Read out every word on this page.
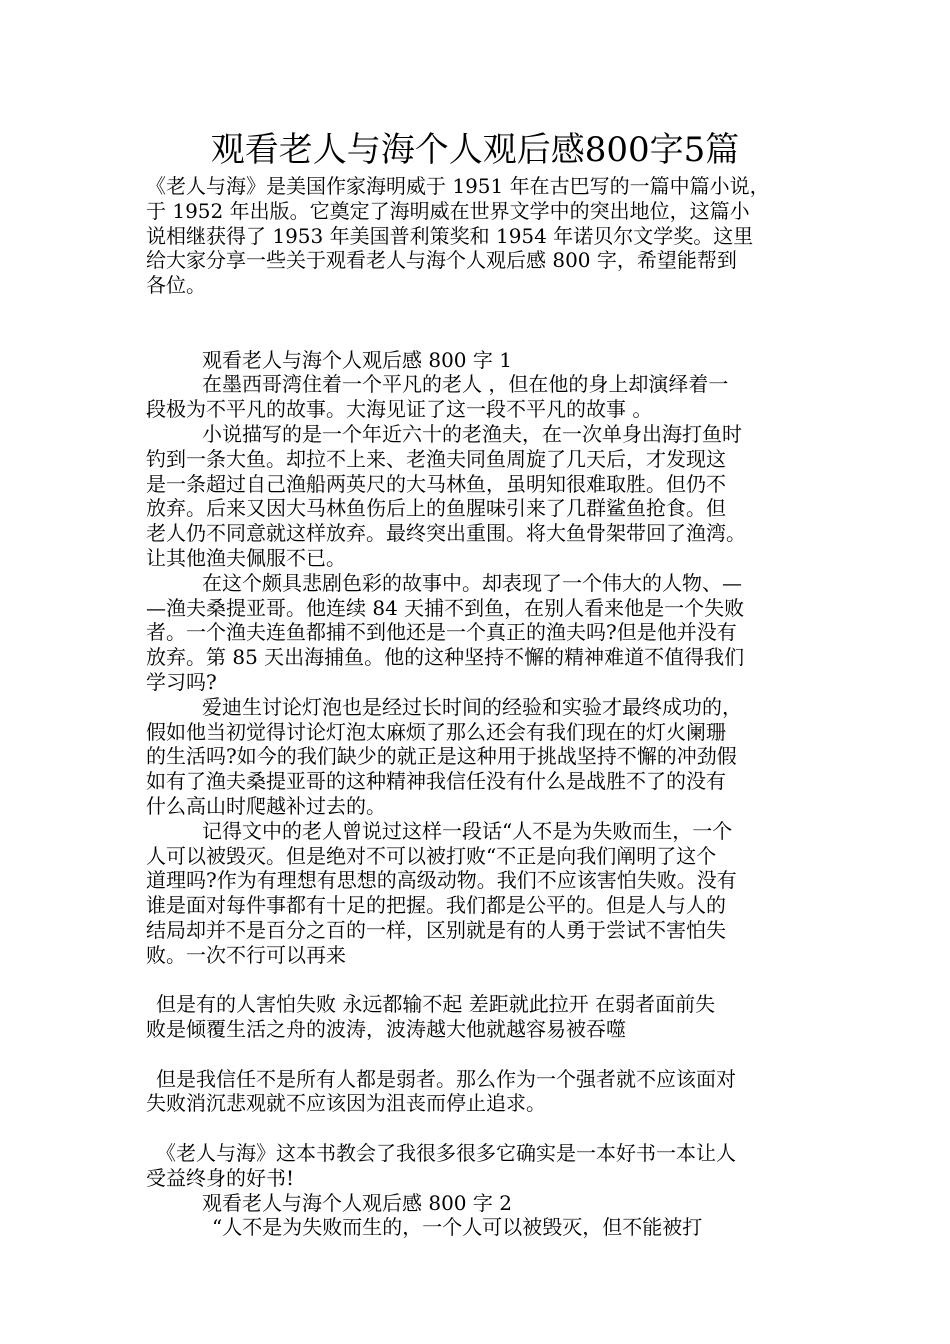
观看老人与海个人观后感800字5篇

《老人与海》是美国作家海明威于 1951 年在古巴写的一篇中篇小说，

于 1952 年出版。它奠定了海明威在世界文学中的突出地位，这篇小

说相继获得了 1953 年美国普利策奖和 1954 年诺贝尔文学奖。这里

给大家分享一些关于观看老人与海个人观后感 800 字，希望能帮到

各位。

观看老人与海个人观后感 800 字 1

在墨西哥湾住着一个平凡的老人 ，但在他的身上却演绎着一

段极为不平凡的故事。大海见证了这一段不平凡的故事 。

小说描写的是一个年近六十的老渔夫，在一次单身出海打鱼时

钓到一条大鱼。却拉不上来、老渔夫同鱼周旋了几天后，才发现这

是一条超过自己渔船两英尺的大马林鱼，虽明知很难取胜。但仍不

放弃。后来又因大马林鱼伤后上的鱼腥味引来了几群鲨鱼抢食。但

老人仍不同意就这样放弃。最终突出重围。将大鱼骨架带回了渔湾。

让其他渔夫佩服不已。

在这个颇具悲剧色彩的故事中。却表现了一个伟大的人物、—

—渔夫桑提亚哥。他连续 84 天捕不到鱼，在别人看来他是一个失败

者。一个渔夫连鱼都捕不到他还是一个真正的渔夫吗?但是他并没有

放弃。第 85 天出海捕鱼。他的这种坚持不懈的精神难道不值得我们

学习吗?

爱迪生讨论灯泡也是经过长时间的经验和实验才最终成功的，

假如他当初觉得讨论灯泡太麻烦了那么还会有我们现在的灯火阑珊

的生活吗?如今的我们缺少的就正是这种用于挑战坚持不懈的冲劲假

如有了渔夫桑提亚哥的这种精神我信任没有什么是战胜不了的没有

什么高山时爬越补过去的。

记得文中的老人曾说过这样一段话“人不是为失败而生，一个

人可以被毁灭。但是绝对不可以被打败“不正是向我们阐明了这个

道理吗?作为有理想有思想的高级动物。我们不应该害怕失败。没有

谁是面对每件事都有十足的把握。我们都是公平的。但是人与人的

结局却并不是百分之百的一样，区别就是有的人勇于尝试不害怕失

败。一次不行可以再来

但是有的人害怕失败 永远都输不起 差距就此拉开 在弱者面前失

败是倾覆生活之舟的波涛，波涛越大他就越容易被吞噬

但是我信任不是所有人都是弱者。那么作为一个强者就不应该面对

失败消沉悲观就不应该因为沮丧而停止追求。

《老人与海》这本书教会了我很多很多它确实是一本好书一本让人

受益终身的好书!

观看老人与海个人观后感 800 字 2

“人不是为失败而生的，一个人可以被毁灭，但不能被打
